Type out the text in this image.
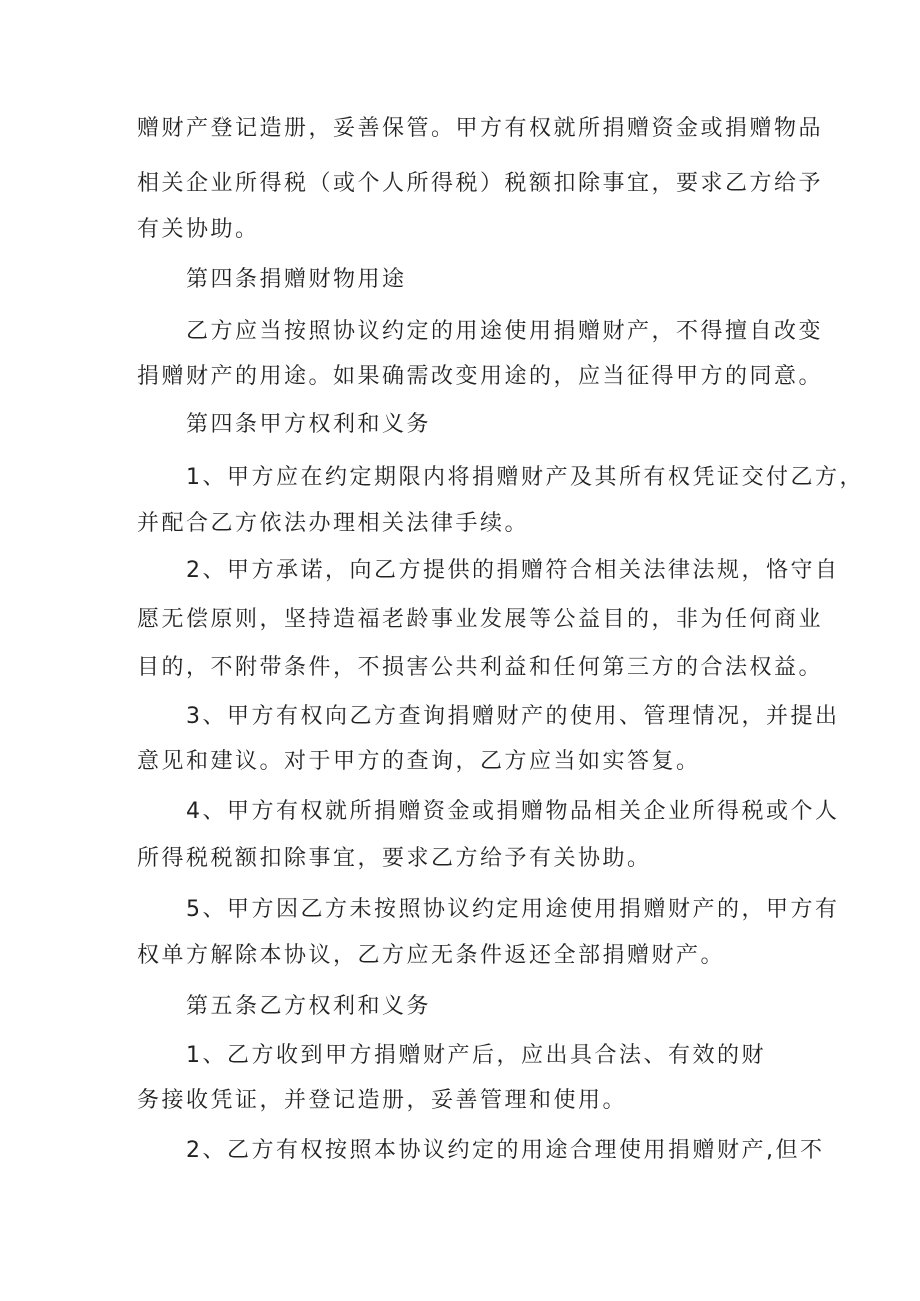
赠财产登记造册，妥善保管。甲方有权就所捐赠资金或捐赠物品

相关企业所得税（或个人所得税）税额扣除事宜，要求乙方给予

有关协助。

第四条捐赠财物用途

乙方应当按照协议约定的用途使用捐赠财产，不得擅自改变

捐赠财产的用途。如果确需改变用途的，应当征得甲方的同意。

第四条甲方权利和义务

1、甲方应在约定期限内将捐赠财产及其所有权凭证交付乙方，

并配合乙方依法办理相关法律手续。

2、甲方承诺，向乙方提供的捐赠符合相关法律法规，恪守自

愿无偿原则，坚持造福老龄事业发展等公益目的，非为任何商业

目的，不附带条件，不损害公共利益和任何第三方的合法权益。

3、甲方有权向乙方查询捐赠财产的使用、管理情况，并提出

意见和建议。对于甲方的查询，乙方应当如实答复。

4、甲方有权就所捐赠资金或捐赠物品相关企业所得税或个人

所得税税额扣除事宜，要求乙方给予有关协助。

5、甲方因乙方未按照协议约定用途使用捐赠财产的，甲方有

权单方解除本协议，乙方应无条件返还全部捐赠财产。

第五条乙方权利和义务

1、乙方收到甲方捐赠财产后，应出具合法、有效的财

务接收凭证，并登记造册，妥善管理和使用。

2、乙方有权按照本协议约定的用途合理使用捐赠财产,但不
